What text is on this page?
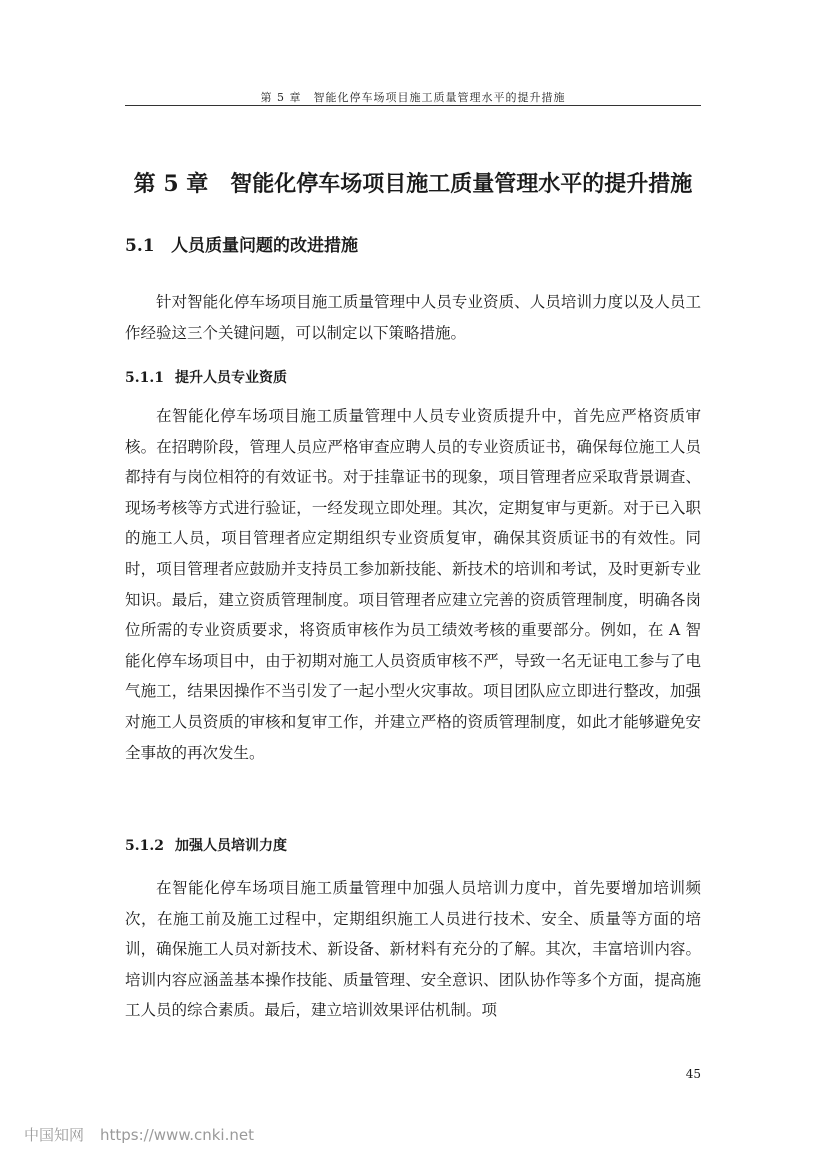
第 5 章　智能化停车场项目施工质量管理水平的提升措施
第 5 章　智能化停车场项目施工质量管理水平的提升措施
5.1 人员质量问题的改进措施

针对智能化停车场项目施工质量管理中人员专业资质、人员培训力度以及人员工作经验这三个关键问题，可以制定以下策略措施。

5.1.1 提升人员专业资质

在智能化停车场项目施工质量管理中人员专业资质提升中，首先应严格资质审核。在招聘阶段，管理人员应严格审查应聘人员的专业资质证书，确保每位施工人员都持有与岗位相符的有效证书。对于挂靠证书的现象，项目管理者应采取背景调查、现场考核等方式进行验证，一经发现立即处理。其次，定期复审与更新。对于已入职的施工人员，项目管理者应定期组织专业资质复审，确保其资质证书的有效性。同时，项目管理者应鼓励并支持员工参加新技能、新技术的培训和考试，及时更新专业知识。最后，建立资质管理制度。项目管理者应建立完善的资质管理制度，明确各岗位所需的专业资质要求，将资质审核作为员工绩效考核的重要部分。例如，在 A 智能化停车场项目中，由于初期对施工人员资质审核不严，导致一名无证电工参与了电气施工，结果因操作不当引发了一起小型火灾事故。项目团队应立即进行整改，加强对施工人员资质的审核和复审工作，并建立严格的资质管理制度，如此才能够避免安全事故的再次发生。

5.1.2 加强人员培训力度

在智能化停车场项目施工质量管理中加强人员培训力度中，首先要增加培训频次，在施工前及施工过程中，定期组织施工人员进行技术、安全、质量等方面的培训，确保施工人员对新技术、新设备、新材料有充分的了解。其次，丰富培训内容。培训内容应涵盖基本操作技能、质量管理、安全意识、团队协作等多个方面，提高施工人员的综合素质。最后，建立培训效果评估机制。项

45
中国知网 https://www.cnki.net
